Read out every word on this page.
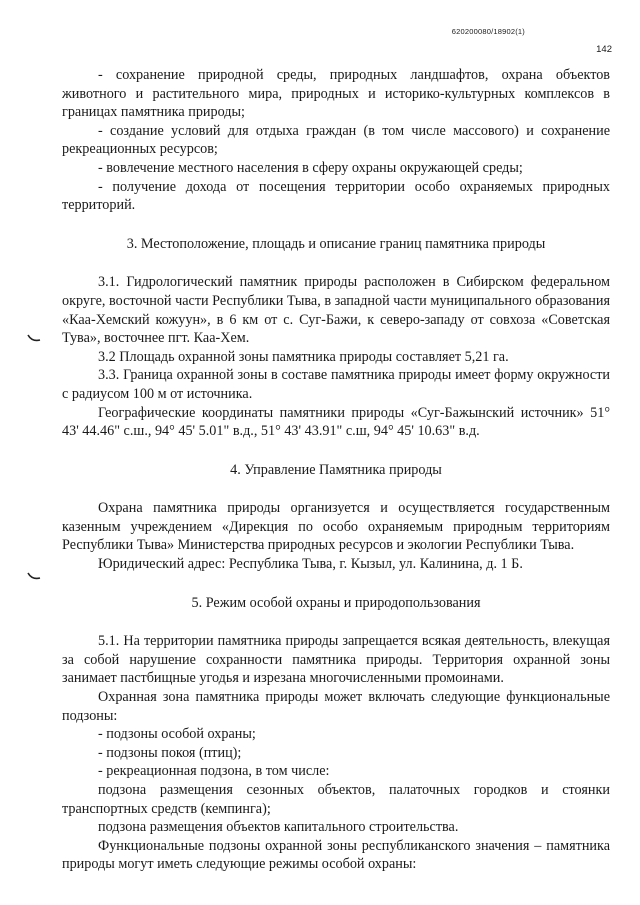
620200080/18902(1)
142

- сохранение природной среды, природных ландшафтов, охрана объектов животного и растительного мира, природных и историко-культурных комплексов в границах памятника природы;

- создание условий для отдыха граждан (в том числе массового) и сохранение рекреационных ресурсов;

- вовлечение местного населения в сферу охраны окружающей среды;

- получение дохода от посещения территории особо охраняемых природных территорий.

3. Местоположение, площадь и описание границ памятника природы

3.1. Гидрологический памятник природы расположен в Сибирском федеральном округе, восточной части Республики Тыва, в западной части муниципального образования «Каа-Хемский кожуун», в 6 км от с. Суг-Бажи, к северо-западу от совхоза «Советская Тува», восточнее пгт. Каа-Хем.

3.2 Площадь охранной зоны памятника природы составляет 5,21 га.

3.3. Граница охранной зоны в составе памятника природы имеет форму окружности с радиусом 100 м от источника.

Географические координаты памятники природы «Суг-Бажынский источник» 51° 43' 44.46" с.ш., 94° 45' 5.01" в.д., 51° 43' 43.91" с.ш, 94° 45' 10.63" в.д.

4. Управление Памятника природы

Охрана памятника природы организуется и осуществляется государственным казенным учреждением «Дирекция по особо охраняемым природным территориям Республики Тыва» Министерства природных ресурсов и экологии Республики Тыва.

Юридический адрес: Республика Тыва, г. Кызыл, ул. Калинина, д. 1 Б.

5. Режим особой охраны и природопользования

5.1. На территории памятника природы запрещается всякая деятельность, влекущая за собой нарушение сохранности памятника природы. Территория охранной зоны занимает пастбищные угодья и изрезана многочисленными промоинами.

Охранная зона памятника природы может включать следующие функциональные подзоны:

- подзоны особой охраны;

- подзоны покоя (птиц);

- рекреационная подзона, в том числе:

подзона размещения сезонных объектов, палаточных городков и стоянки транспортных средств (кемпинга);

подзона размещения объектов капитального строительства.

Функциональные подзоны охранной зоны республиканского значения – памятника природы могут иметь следующие режимы особой охраны:
